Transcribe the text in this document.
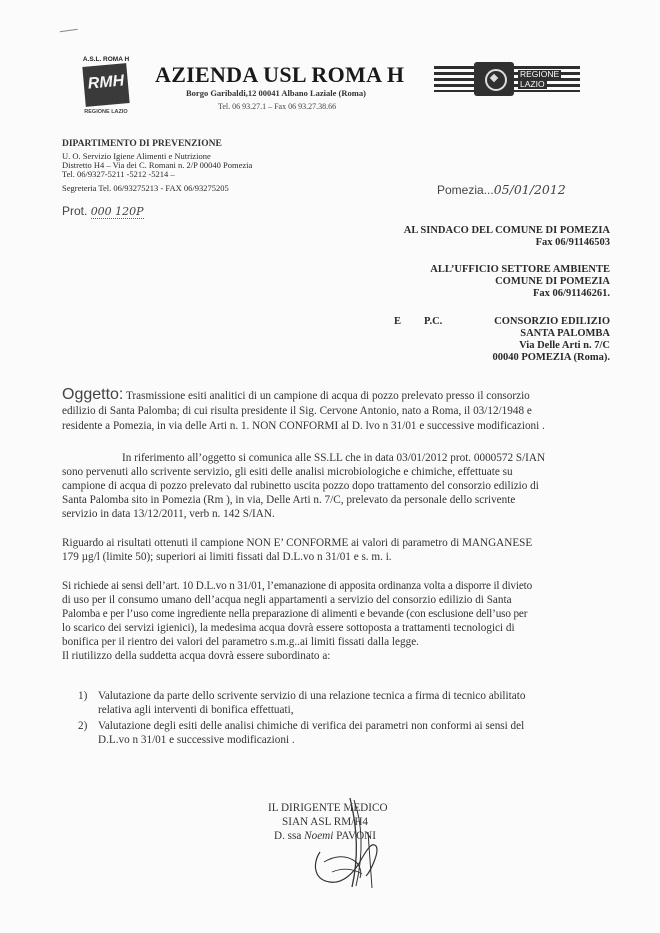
A.S.L. ROMA H
RMH
REGIONE LAZIO
AZIENDA USL ROMA H
Borgo Garibaldi,12 00041 Albano Laziale (Roma)
Tel. 06 93.27.1 – Fax 06 93.27.38.66
REGIONE
LAZIO
DIPARTIMENTO DI PREVENZIONE
U. O. Servizio Igiene Alimenti e Nutrizione
Distretto H4 – Via dei C. Romani n. 2/P 00040 Pomezia
Tel. 06/9327-5211 -5212 -5214 –
Segreteria Tel. 06/93275213 - FAX 06/93275205
Prot. 000 120P
Pomezia...05/01/2012
AL SINDACO DEL COMUNE DI POMEZIA
Fax 06/91146503
ALL’UFFICIO SETTORE AMBIENTE
COMUNE DI POMEZIA
Fax 06/91146261.
E P.C.	CONSORZIO EDILIZIO
SANTA PALOMBA
Via Delle Arti n. 7/C
00040 POMEZIA (Roma).
Oggetto: Trasmissione esiti analitici di un campione di acqua di pozzo prelevato presso il consorzio
edilizio di Santa Palomba; di cui risulta presidente il Sig. Cervone Antonio, nato a Roma, il 03/12/1948 e
residente a Pomezia, in via delle Arti n. 1. NON CONFORMI al D. lvo n 31/01 e successive modificazioni .
In riferimento all’oggetto si comunica alle SS.LL che in data 03/01/2012 prot. 0000572 S/IAN
sono pervenuti allo scrivente servizio, gli esiti delle analisi microbiologiche e chimiche, effettuate su
campione di acqua di pozzo prelevato dal rubinetto uscita pozzo dopo trattamento del consorzio edilizio di
Santa Palomba sito in Pomezia (Rm ), in via, Delle Arti n. 7/C, prelevato da personale dello scrivente
servizio in data 13/12/2011, verb n. 142 S/IAN.
Riguardo ai risultati ottenuti il campione NON E’ CONFORME ai valori di parametro di MANGANESE
179 µg/l (limite 50); superiori ai limiti fissati dal D.L.vo n 31/01 e s. m. i.
Si richiede ai sensi dell’art. 10 D.L.vo n 31/01, l’emanazione di apposita ordinanza volta a disporre il divieto
di uso per il consumo umano dell’acqua negli appartamenti a servizio del consorzio edilizio di Santa
Palomba e per l’uso come ingrediente nella preparazione di alimenti e bevande (con esclusione dell’uso per
lo scarico dei servizi igienici), la medesima acqua dovrà essere sottoposta a trattamenti tecnologici di
bonifica per il rientro dei valori del parametro s.m.g..ai limiti fissati dalla legge.
Il riutilizzo della suddetta acqua dovrà essere subordinato a:
1) Valutazione da parte dello scrivente servizio di una relazione tecnica a firma di tecnico abilitato
relativa agli interventi di bonifica effettuati,
2) Valutazione degli esiti delle analisi chimiche di verifica dei parametri non conformi ai sensi del
D.L.vo n 31/01 e successive modificazioni .
IL DIRIGENTE MEDICO
SIAN ASL RM/H4
D. ssa Noemi PAVONI
